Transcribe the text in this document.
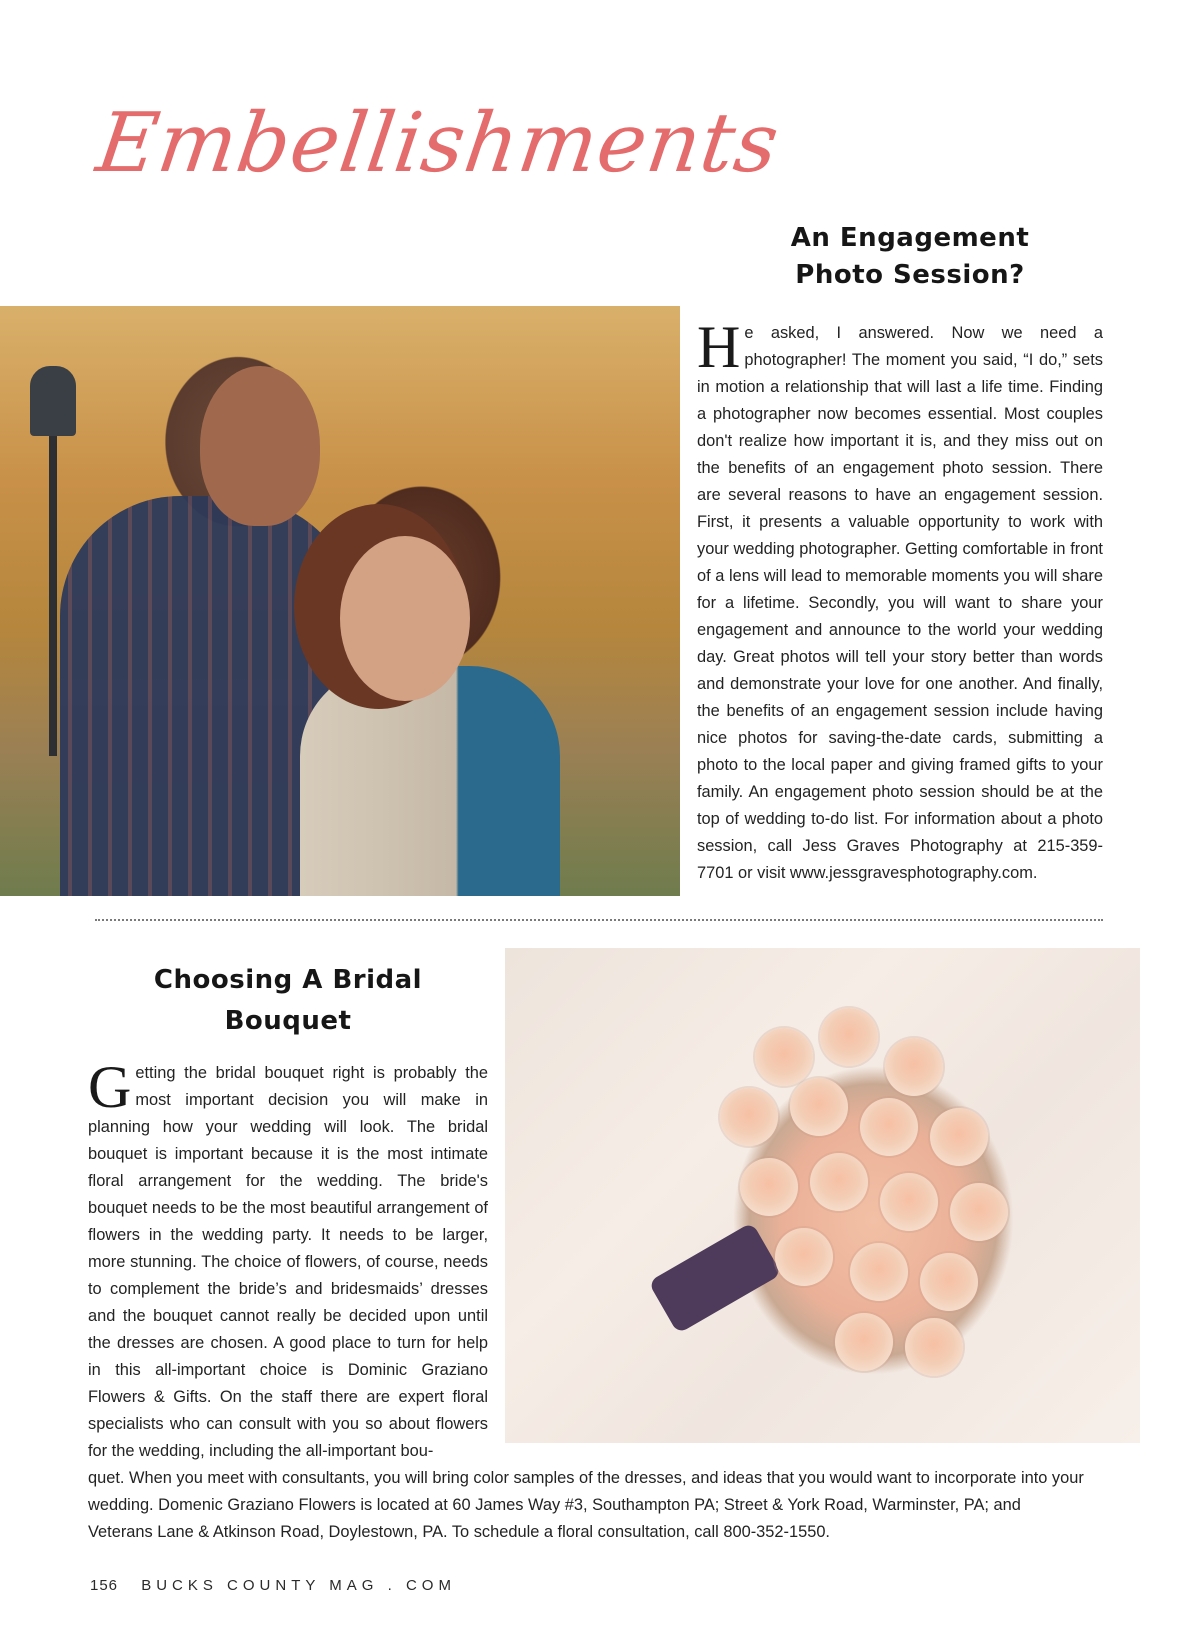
Embellishments
An Engagement
Photo Session?

He asked, I answered. Now we need a photographer! The moment you said, “I do,” sets in motion a relationship that will last a life time. Finding a photographer now becomes essential. Most couples don't realize how important it is, and they miss out on the benefits of an engagement photo session. There are several reasons to have an engagement session. First, it presents a valuable opportunity to work with your wedding photographer. Getting comfortable in front of a lens will lead to memorable moments you will share for a lifetime. Secondly, you will want to share your engagement and announce to the world your wedding day. Great photos will tell your story better than words and demonstrate your love for one another. And finally, the benefits of an engagement session include having nice photos for saving-the-date cards, submitting a photo to the local paper and giving framed gifts to your family. An engagement photo session should be at the top of wedding to-do list. For information about a photo session, call Jess Graves Photography at 215-359-7701 or visit www.jessgravesphotography.com.

Choosing A Bridal
Bouquet

Getting the bridal bouquet right is probably the most important decision you will make in planning how your wedding will look. The bridal bouquet is important because it is the most intimate floral arrangement for the wedding. The bride's bouquet needs to be the most beautiful arrangement of flowers in the wedding party. It needs to be larger, more stunning. The choice of flowers, of course, needs to complement the bride’s and bridesmaids’ dresses and the bouquet cannot really be decided upon until the dresses are chosen. A good place to turn for help in this all-important choice is Dominic Graziano Flowers & Gifts. On the staff there are expert floral specialists who can consult with you so about flowers for the wedding, including the all-important bou-

quet. When you meet with consultants, you will bring color samples of the dresses, and ideas that you would want to incorporate into your wedding. Domenic Graziano Flowers is located at 60 James Way #3, Southampton PA; Street & York Road, Warminster, PA; and Veterans Lane & Atkinson Road, Doylestown, PA. To schedule a floral consultation, call 800-352-1550.

156 BUCKS COUNTY MAG . COM
